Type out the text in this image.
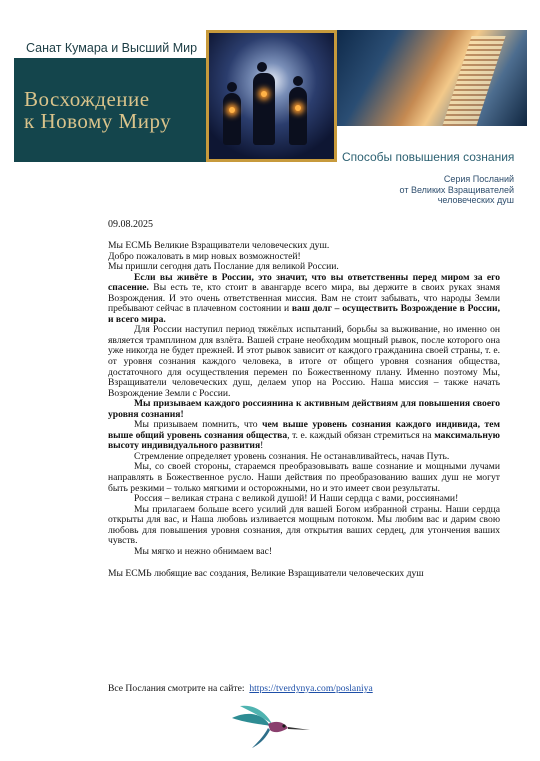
Санат Кумара и Высший Мир
Восхождение
к Новому Миру
Способы повышения сознания
Серия Посланий
от Великих Взращивателей
человеческих душ
09.08.2025

Мы ЕСМЬ Великие Взращиватели человеческих душ.

Добро пожаловать в мир новых возможностей!

Мы пришли сегодня дать Послание для великой России.

Если вы живёте в России, это значит, что вы ответственны перед миром за его спасение. Вы есть те, кто стоит в авангарде всего мира, вы держите в своих руках знамя Возрождения. И это очень ответственная миссия. Вам не стоит забывать, что народы Земли пребывают сейчас в плачевном состоянии и ваш долг – осуществить Возрождение в России, и всего мира.

Для России наступил период тяжёлых испытаний, борьбы за выживание, но именно он является трамплином для взлёта. Вашей стране необходим мощный рывок, после которого она уже никогда не будет прежней. И этот рывок зависит от каждого гражданина своей страны, т. е. от уровня сознания каждого человека, в итоге от общего уровня сознания общества, достаточного для осуществления перемен по Божественному плану. Именно поэтому Мы, Взращиватели человеческих душ, делаем упор на Россию. Наша миссия – также начать Возрождение Земли с России.

Мы призываем каждого россиянина к активным действиям для повышения своего уровня сознания!

Мы призываем помнить, что чем выше уровень сознания каждого индивида, тем выше общий уровень сознания общества, т. е. каждый обязан стремиться на максимальную высоту индивидуального развития!

Стремление определяет уровень сознания. Не останавливайтесь, начав Путь.

Мы, со своей стороны, стараемся преобразовывать ваше сознание и мощными лучами направлять в Божественное русло. Наши действия по преобразованию ваших душ не могут быть резкими – только мягкими и осторожными, но и это имеет свои результаты.

Россия – великая страна с великой душой! И Наши сердца с вами, россиянами!

Мы прилагаем больше всего усилий для вашей Богом избранной страны. Наши сердца открыты для вас, и Наша любовь изливается мощным потоком. Мы любим вас и дарим свою любовь для повышения уровня сознания, для открытия ваших сердец, для утончения ваших чувств.

Мы мягко и нежно обнимаем вас!

Мы ЕСМЬ любящие вас создания, Великие Взращиватели человеческих душ

Все Послания смотрите на сайте: https://tverdynya.com/poslaniya
